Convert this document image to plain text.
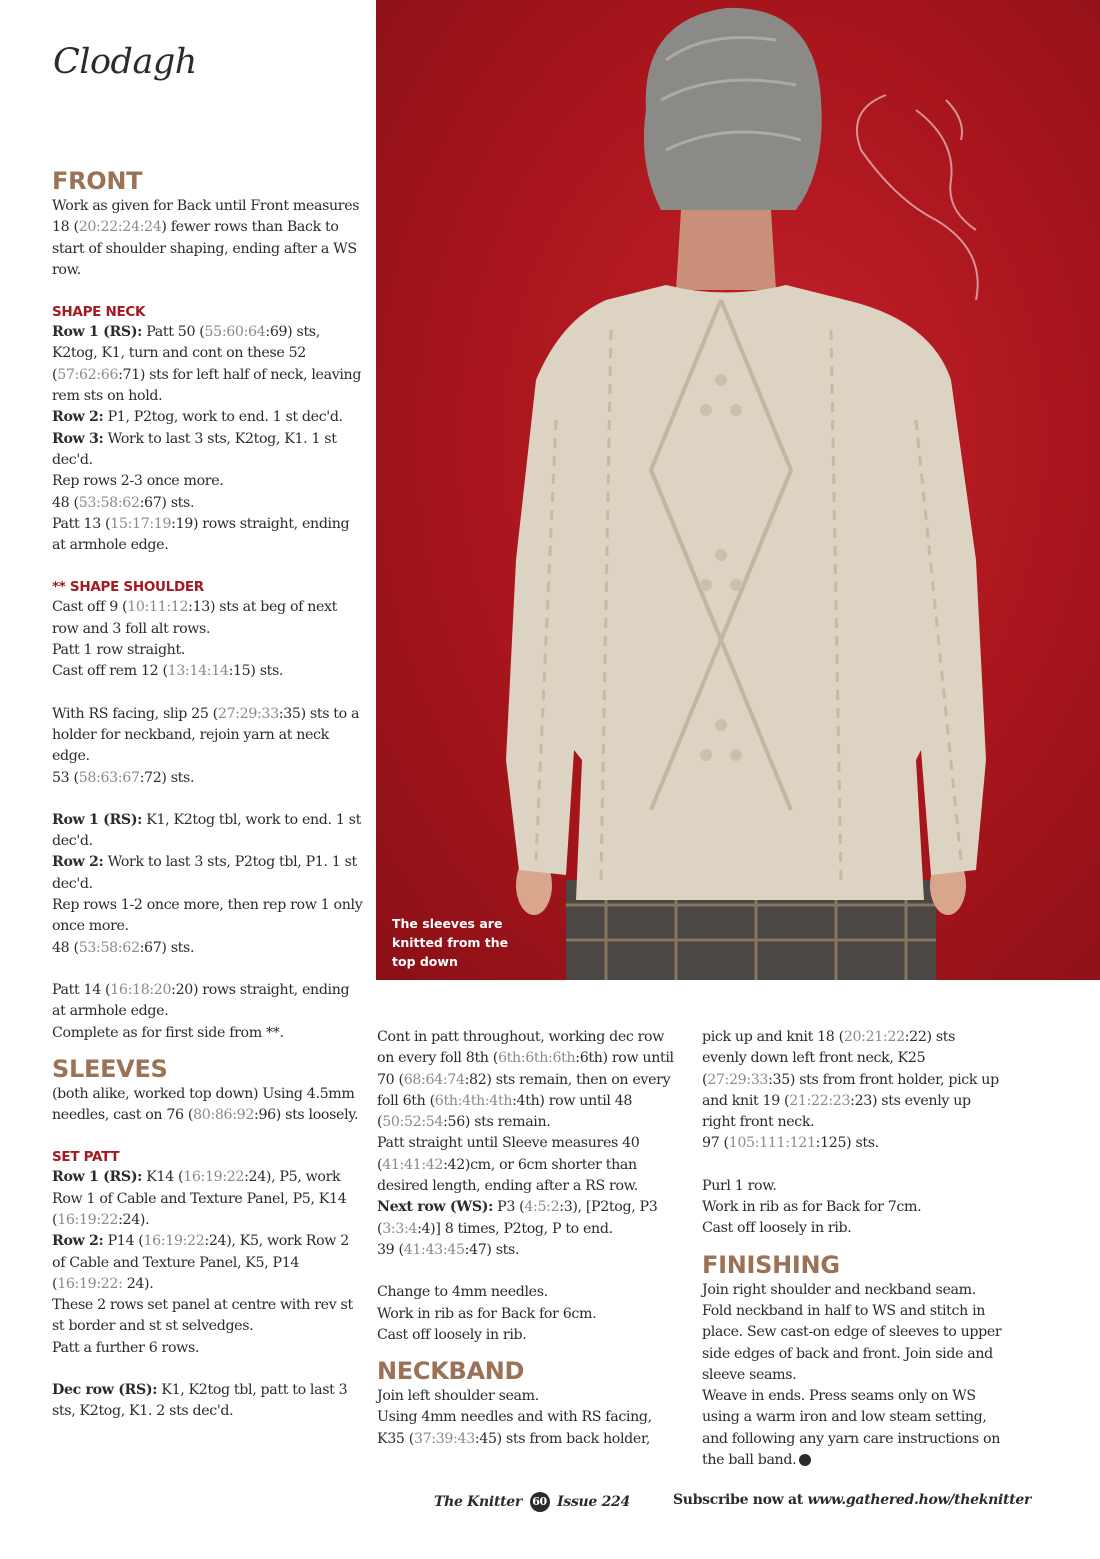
Clodagh
The sleeves are knitted from the top down
FRONT

Work as given for Back until Front measures 18 (20:22:24:24) fewer rows than Back to start of shoulder shaping, ending after a WS row.

SHAPE NECK

Row 1 (RS): Patt 50 (55:60:64:69) sts, K2tog, K1, turn and cont on these 52 (57:62:66:71) sts for left half of neck, leaving rem sts on hold.

Row 2: P1, P2tog, work to end. 1 st dec'd.

Row 3: Work to last 3 sts, K2tog, K1. 1 st dec'd.

Rep rows 2-3 once more.

48 (53:58:62:67) sts.

Patt 13 (15:17:19:19) rows straight, ending at armhole edge.

** SHAPE SHOULDER

Cast off 9 (10:11:12:13) sts at beg of next row and 3 foll alt rows.

Patt 1 row straight.

Cast off rem 12 (13:14:14:15) sts.

With RS facing, slip 25 (27:29:33:35) sts to a holder for neckband, rejoin yarn at neck edge.

53 (58:63:67:72) sts.

Row 1 (RS): K1, K2tog tbl, work to end. 1 st dec'd.

Row 2: Work to last 3 sts, P2tog tbl, P1. 1 st dec'd.

Rep rows 1-2 once more, then rep row 1 only once more.

48 (53:58:62:67) sts.

Patt 14 (16:18:20:20) rows straight, ending at armhole edge.

Complete as for first side from **.

SLEEVES

(both alike, worked top down) Using 4.5mm needles, cast on 76 (80:86:92:96) sts loosely.

SET PATT

Row 1 (RS): K14 (16:19:22:24), P5, work Row 1 of Cable and Texture Panel, P5, K14 (16:19:22:24).

Row 2: P14 (16:19:22:24), K5, work Row 2 of Cable and Texture Panel, K5, P14 (16:19:22: 24).

These 2 rows set panel at centre with rev st st border and st st selvedges.

Patt a further 6 rows.

Dec row (RS): K1, K2tog tbl, patt to last 3 sts, K2tog, K1. 2 sts dec'd.

Cont in patt throughout, working dec row on every foll 8th (6th:6th:6th:6th) row until 70 (68:64:74:82) sts remain, then on every foll 6th (6th:4th:4th:4th) row until 48 (50:52:54:56) sts remain.

Patt straight until Sleeve measures 40 (41:41:42:42)cm, or 6cm shorter than desired length, ending after a RS row.

Next row (WS): P3 (4:5:2:3), [P2tog, P3 (3:3:4:4)] 8 times, P2tog, P to end.

39 (41:43:45:47) sts.

Change to 4mm needles.

Work in rib as for Back for 6cm.

Cast off loosely in rib.

NECKBAND

Join left shoulder seam.

Using 4mm needles and with RS facing, K35 (37:39:43:45) sts from back holder,

pick up and knit 18 (20:21:22:22) sts evenly down left front neck, K25 (27:29:33:35) sts from front holder, pick up and knit 19 (21:22:23:23) sts evenly up right front neck.

97 (105:111:121:125) sts.

Purl 1 row.

Work in rib as for Back for 7cm.

Cast off loosely in rib.

FINISHING

Join right shoulder and neckband seam. Fold neckband in half to WS and stitch in place. Sew cast-on edge of sleeves to upper side edges of back and front. Join side and sleeve seams.

Weave in ends. Press seams only on WS using a warm iron and low steam setting, and following any yarn care instructions on the ball band.

The Knitter 60 Issue 224	Subscribe now at www.gathered.how/theknitter
